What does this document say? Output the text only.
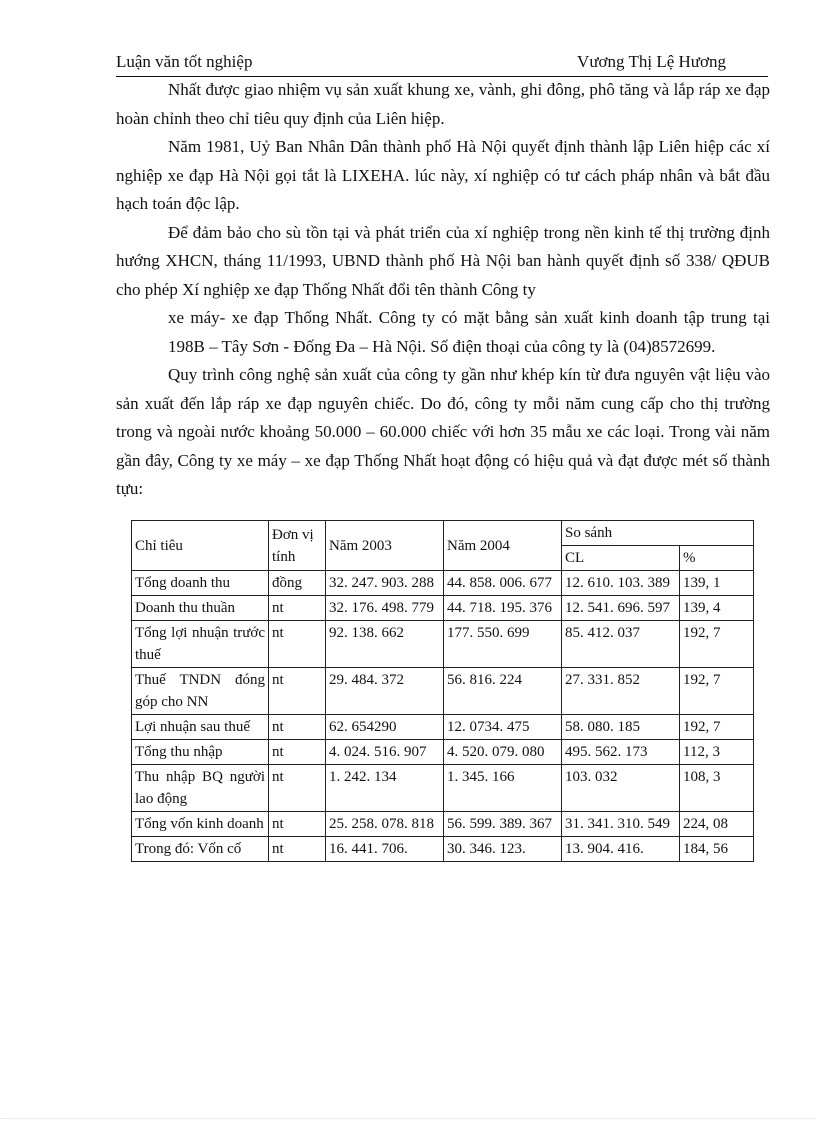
Luận văn tốt nghiệp	Vương Thị Lệ Hương

Nhất được giao nhiệm vụ sản xuất khung xe, vành, ghi đông, phô tăng và lắp ráp xe đạp hoàn chỉnh theo chỉ tiêu quy định của Liên hiệp.

Năm 1981, Uỷ Ban Nhân Dân thành phố Hà Nội quyết định thành lập Liên hiệp các xí nghiệp xe đạp Hà Nội gọi tắt là LIXEHA. lúc này, xí nghiệp có tư cách pháp nhân và bắt đầu hạch toán độc lập.

Để đảm bảo cho sù tồn tại và phát triển của xí nghiệp trong nền kinh tế thị trường định hướng XHCN, tháng 11/1993, UBND thành phố Hà Nội ban hành quyết định số 338/ QĐUB cho phép Xí nghiệp xe đạp Thống Nhất đổi tên thành Công ty

xe máy- xe đạp Thống Nhất. Công ty có mặt bằng sản xuất kinh doanh tập trung tại 198B – Tây Sơn - Đống Đa – Hà Nội. Số điện thoại của công ty là (04)8572699.

Quy trình công nghệ sản xuất của công ty gần như khép kín từ đưa nguyên vật liệu vào sản xuất đến lắp ráp xe đạp nguyên chiếc. Do đó, công ty mỗi năm cung cấp cho thị trường trong và ngoài nước khoảng 50.000 – 60.000 chiếc với hơn 35 mẫu xe các loại. Trong vài năm gần đây, Công ty xe máy – xe đạp Thống Nhất hoạt động có hiệu quả và đạt được mét số thành tựu:

Chỉ tiêu	Đơn vị tính	Năm 2003	Năm 2004	So sánh	
				CL	%
Tổng doanh thu	đồng	32. 247. 903. 288	44. 858. 006. 677	12. 610. 103. 389	139, 1
Doanh thu thuần	nt	32. 176. 498. 779	44. 718. 195. 376	12. 541. 696. 597	139, 4
Tổng lợi nhuận trước thuế	nt	92. 138. 662	177. 550. 699	85. 412. 037	192, 7
Thuế TNDN đóng góp cho NN	nt	29. 484. 372	56. 816. 224	27. 331. 852	192, 7
Lợi nhuận sau thuế	nt	62. 654290	12. 0734. 475	58. 080. 185	192, 7
Tổng thu nhập	nt	4. 024. 516. 907	4. 520. 079. 080	495. 562. 173	112, 3
Thu nhập BQ người lao động	nt	1. 242. 134	1. 345. 166	103. 032	108, 3
Tổng vốn kinh doanh	nt	25. 258. 078. 818	56. 599. 389. 367	31. 341. 310. 549	224, 08
Trong đó: Vốn cố	nt	16. 441. 706.	30. 346. 123.	13. 904. 416.	184, 56
